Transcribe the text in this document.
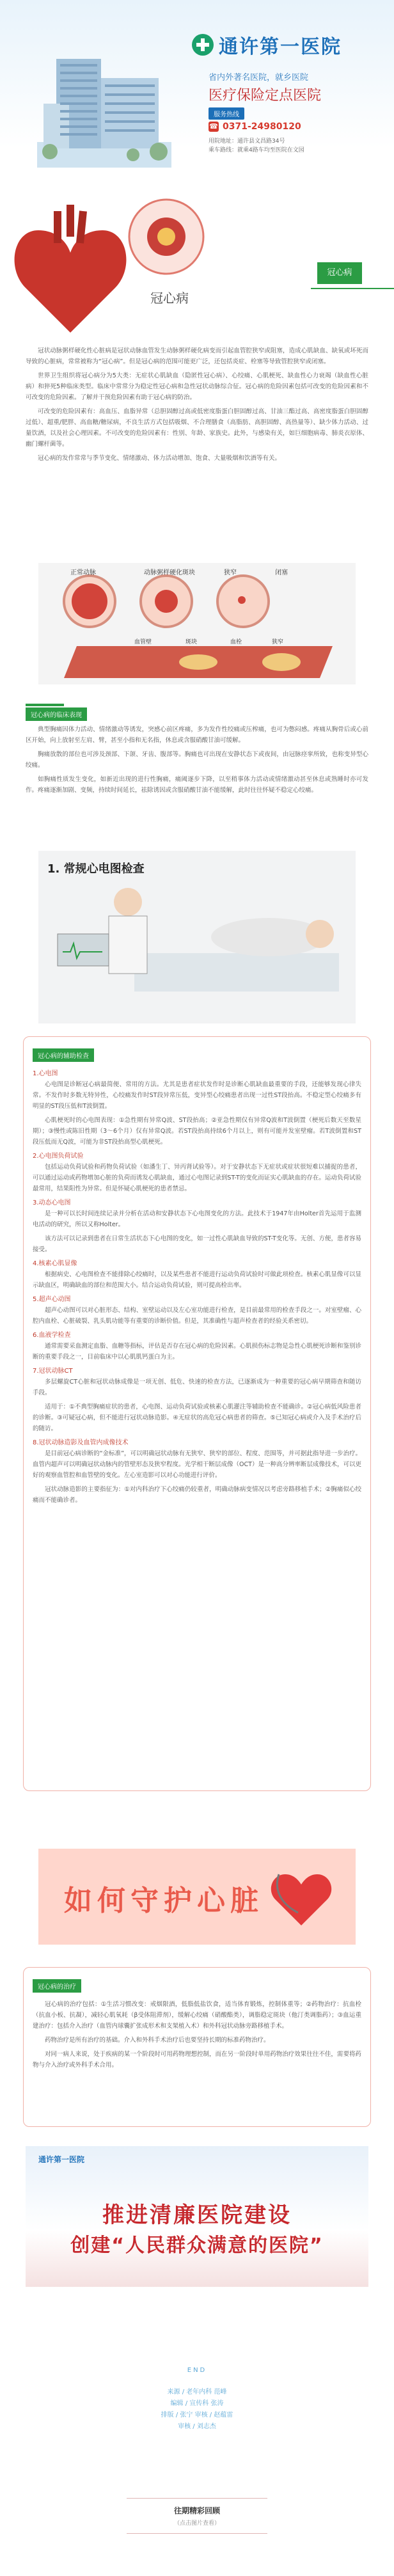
通许第一医院
省内外著名医院，就乡医院
医疗保险定点医院
服务热线
☎ 0371-24980120
用院地址：通许县文昌路34号
乘车路线：就乘4路车均至医院在文园
冠心病
冠心病

冠状动脉粥样硬化性心脏病是冠状动脉血管发生动脉粥样硬化病变而引起血管腔狭窄或阻塞，造成心肌缺血、缺氧或坏死而导致的心脏病，常常被称为“冠心病”。但是冠心病的范围可能更广泛，还包括炎症、栓塞等导致管腔狭窄或闭塞。

世界卫生组织将冠心病分为5大类：无症状心肌缺血（隐匿性冠心病）、心绞痛、心肌梗死、缺血性心力衰竭（缺血性心脏病）和猝死5种临床类型。临床中常常分为稳定性冠心病和急性冠状动脉综合征。冠心病的危险因素包括可改变的危险因素和不可改变的危险因素。了解并干预危险因素有助于冠心病的防治。

可改变的危险因素有：高血压、血脂异常（总胆固醇过高或低密度脂蛋白胆固醇过高、甘油三酯过高、高密度脂蛋白胆固醇过低）、超重/肥胖、高血糖/糖尿病，不良生活方式包括吸烟、不合理膳食（高脂肪、高胆固醇、高热量等）、缺少体力活动、过量饮酒，以及社会心理因素。不可改变的危险因素有：性别、年龄、家族史。此外，与感染有关，如巨细胞病毒、肺炎衣原体、幽门螺杆菌等。

冠心病的发作常常与季节变化、情绪激动、体力活动增加、饱食、大量吸烟和饮酒等有关。

正常动脉	动脉粥样硬化斑块	狭窄	闭塞
血管壁	斑块	血栓	狭窄
冠心病的临床表现

典型胸痛因体力活动、情绪激动等诱发，突感心前区疼痛，多为发作性绞痛或压榨痛，也可为憋闷感。疼痛从胸骨后或心前区开始，向上放射至左肩、臂，甚至小指和无名指，休息或含服硝酸甘油可缓解。

胸痛放散的部位也可涉及颈部、下颌、牙齿、腹部等。胸痛也可出现在安静状态下或夜间，由冠脉痉挛所致，也称变异型心绞痛。

如胸痛性质发生变化，如新近出现的进行性胸痛，痛阈逐步下降，以至稍事体力活动或情绪激动甚至休息或熟睡时亦可发作。疼痛逐渐加剧、变频，持续时间延长，祛除诱因或含服硝酸甘油不能缓解，此时往往怀疑不稳定心绞痛。

1. 常规心电图检查
冠心病的辅助检查
1.心电图

心电图是诊断冠心病最简便、常用的方法。尤其是患者症状发作时是诊断心肌缺血最重要的手段，还能够发现心律失常。不发作时多数无特异性，心绞痛发作时ST段异常压低，变异型心绞痛患者出现一过性ST段抬高。不稳定型心绞痛多有明显的ST段压低和T波倒置。

心肌梗死时的心电图表现：①急性期有异常Q波、ST段抬高；②亚急性期仅有异常Q波和T波倒置（梗死后数天至数星期）；③慢性或陈旧性期（3～6个月）仅有异常Q波。若ST段抬高持续6个月以上，则有可能并发室壁瘤。若T波倒置和ST段压低而无Q波，可能为非ST段抬高型心肌梗死。

2.心电图负荷试验

包括运动负荷试验和药物负荷试验（如潘生丁、异丙肾试验等）。对于安静状态下无症状或症状很短难以捕捉的患者，可以通过运动或药物增加心脏的负荷而诱发心肌缺血，通过心电图记录到ST-T的变化而证实心肌缺血的存在。运动负荷试验最常用，结果阳性为异常。但是怀疑心肌梗死的患者禁忌。

3.动态心电图

是一种可以长时间连续记录并分析在活动和安静状态下心电图变化的方法。此技术于1947年由Holter首先运用于监测电活动的研究，所以又称Holter。

该方法可以记录到患者在日常生活状态下心电图的变化，如一过性心肌缺血导致的ST-T变化等。无创、方便，患者容易接受。

4.核素心肌显像

根据病史、心电图检查不能排除心绞痛时，以及某些患者不能进行运动负荷试验时可做此项检查。核素心肌显像可以显示缺血区，明确缺血的部位和范围大小。结合运动负荷试验，则可提高检出率。

5.超声心动图

超声心动图可以对心脏形态、结构、室壁运动以及左心室功能进行检查，是目前最常用的检查手段之一。对室壁瘤、心腔内血栓、心脏破裂、乳头肌功能等有重要的诊断价值。但是，其准确性与超声检查者的经验关系密切。

6.血液学检查

通常需要采血测定血脂、血糖等指标，评估是否存在冠心病的危险因素。心肌损伤标志物是急性心肌梗死诊断和鉴别诊断的重要手段之一，目前临床中以心肌肌钙蛋白为主。

7.冠状动脉CT

多层螺旋CT心脏和冠状动脉成像是一项无创、低危、快速的检查方法，已逐渐成为一种重要的冠心病早期筛查和随访手段。

适用于：①不典型胸痛症状的患者，心电图、运动负荷试验或核素心肌灌注等辅助检查不能确诊。②冠心病低风险患者的诊断。③可疑冠心病，但不能进行冠状动脉造影。④无症状的高危冠心病患者的筛查。⑤已知冠心病或介入及手术治疗后的随访。

8.冠状动脉造影及血管内成像技术

是目前冠心病诊断的“金标准”，可以明确冠状动脉有无狭窄、狭窄的部位、程度、范围等，并可据此指导进一步治疗。血管内超声可以明确冠状动脉内的管壁形态及狭窄程度。光学相干断层成像（OCT）是一种高分辨率断层成像技术，可以更好的观察血管腔和血管壁的变化。左心室造影可以对心功能进行评价。

冠状动脉造影的主要指征为：①对内科治疗下心绞痛仍较重者，明确动脉病变情况以考虑旁路移植手术；②胸痛似心绞痛而不能确诊者。

如何守护心脏
冠心病的治疗

冠心病的治疗包括：①生活习惯改变：戒烟限酒，低脂低盐饮食，适当体育锻炼，控制体重等；②药物治疗：抗血栓（抗血小板、抗凝），减轻心肌氧耗（β受体阻滞剂），缓解心绞痛（硝酸酯类），调脂稳定斑块（他汀类调脂药）；③血运重建治疗：包括介入治疗（血管内球囊扩张成形术和支架植入术）和外科冠状动脉旁路移植手术。

药物治疗是所有治疗的基础。介入和外科手术治疗后也要坚持长期的标准药物治疗。

对同一病人来说，处于疾病的某一个阶段时可用药物理想控制，而在另一阶段时单用药物治疗效果往往不佳，需要将药物与介入治疗或外科手术合用。

通许第一医院
推进清廉医院建设
创建“人民群众满意的医院”
END
来源 / 老年内科 范峰
编辑 / 宣传科 张涛
排版 / 张宁 审核 / 赵蕴雷
审核 / 刘志杰
往期精彩回顾
（点击图片查看）
